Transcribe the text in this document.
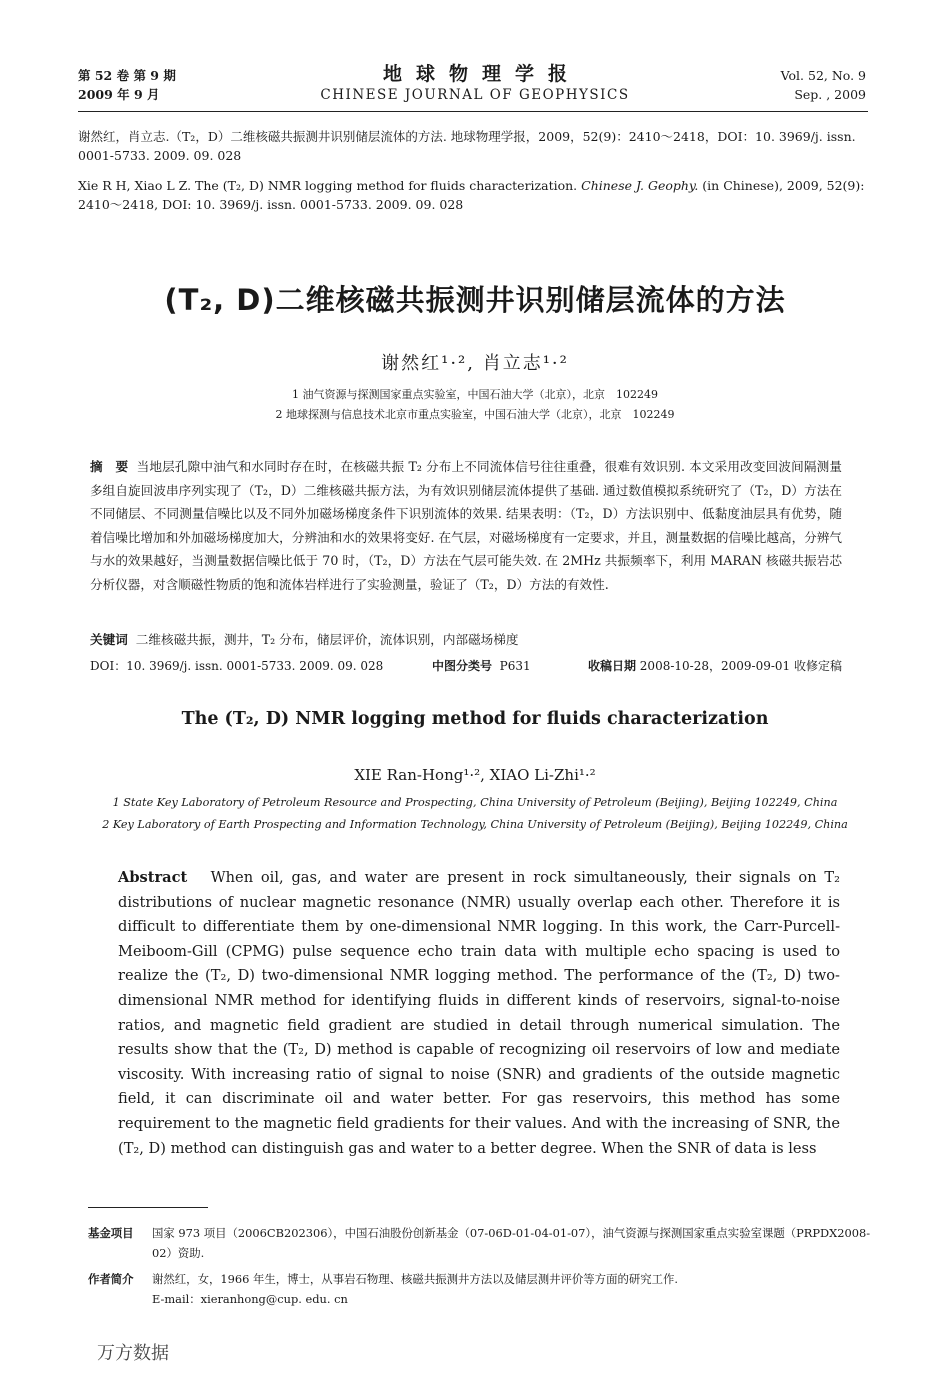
第 52 卷 第 9 期
2009 年 9 月
地球物理学报
CHINESE JOURNAL OF GEOPHYSICS
Vol. 52, No. 9
Sep. , 2009
谢然红，肖立志.（T₂，D）二维核磁共振测井识别储层流体的方法. 地球物理学报，2009，52(9)：2410～2418，DOI：10. 3969/j. issn.
0001-5733. 2009. 09. 028
Xie R H, Xiao L Z. The (T₂, D) NMR logging method for fluids characterization. Chinese J. Geophy. (in Chinese), 2009, 52(9):
2410～2418, DOI: 10. 3969/j. issn. 0001-5733. 2009. 09. 028
(T₂, D)二维核磁共振测井识别储层流体的方法
谢然红¹·², 肖立志¹·²
1 油气资源与探测国家重点实验室，中国石油大学（北京），北京　102249
2 地球探测与信息技术北京市重点实验室，中国石油大学（北京），北京　102249
摘　要 当地层孔隙中油气和水同时存在时，在核磁共振 T₂ 分布上不同流体信号往往重叠，很难有效识别. 本文采用改变回波间隔测量多组自旋回波串序列实现了（T₂，D）二维核磁共振方法，为有效识别储层流体提供了基础. 通过数值模拟系统研究了（T₂，D）方法在不同储层、不同测量信噪比以及不同外加磁场梯度条件下识别流体的效果. 结果表明：（T₂，D）方法识别中、低黏度油层具有优势，随着信噪比增加和外加磁场梯度加大，分辨油和水的效果将变好. 在气层，对磁场梯度有一定要求，并且，测量数据的信噪比越高，分辨气与水的效果越好，当测量数据信噪比低于 70 时，（T₂，D）方法在气层可能失效. 在 2MHz 共振频率下，利用 MARAN 核磁共振岩芯分析仪器，对含顺磁性物质的饱和流体岩样进行了实验测量，验证了（T₂，D）方法的有效性.
关键词 二维核磁共振，测井，T₂ 分布，储层评价，流体识别，内部磁场梯度
DOI：10. 3969/j. issn. 0001-5733. 2009. 09. 028	中图分类号 P631	收稿日期 2008-10-28，2009-09-01 收修定稿
The (T₂, D) NMR logging method for fluids characterization
XIE Ran-Hong¹·², XIAO Li-Zhi¹·²
1 State Key Laboratory of Petroleum Resource and Prospecting, China University of Petroleum (Beijing), Beijing 102249, China
2 Key Laboratory of Earth Prospecting and Information Technology, China University of Petroleum (Beijing), Beijing 102249, China
Abstract When oil, gas, and water are present in rock simultaneously, their signals on T₂ distributions of nuclear magnetic resonance (NMR) usually overlap each other. Therefore it is difficult to differentiate them by one-dimensional NMR logging. In this work, the Carr-Purcell-Meiboom-Gill (CPMG) pulse sequence echo train data with multiple echo spacing is used to realize the (T₂, D) two-dimensional NMR logging method. The performance of the (T₂, D) two-dimensional NMR method for identifying fluids in different kinds of reservoirs, signal-to-noise ratios, and magnetic field gradient are studied in detail through numerical simulation. The results show that the (T₂, D) method is capable of recognizing oil reservoirs of low and mediate viscosity. With increasing ratio of signal to noise (SNR) and gradients of the outside magnetic field, it can discriminate oil and water better. For gas reservoirs, this method has some requirement to the magnetic field gradients for their values. And with the increasing of SNR, the (T₂, D) method can distinguish gas and water to a better degree. When the SNR of data is less
基金项目 国家 973 项目（2006CB202306），中国石油股份创新基金（07-06D-01-04-01-07），油气资源与探测国家重点实验室课题（PRPDX2008-02）资助.
作者简介 谢然红，女，1966 年生，博士，从事岩石物理、核磁共振测井方法以及储层测井评价等方面的研究工作.
E-mail：xieranhong@cup. edu. cn
万方数据
